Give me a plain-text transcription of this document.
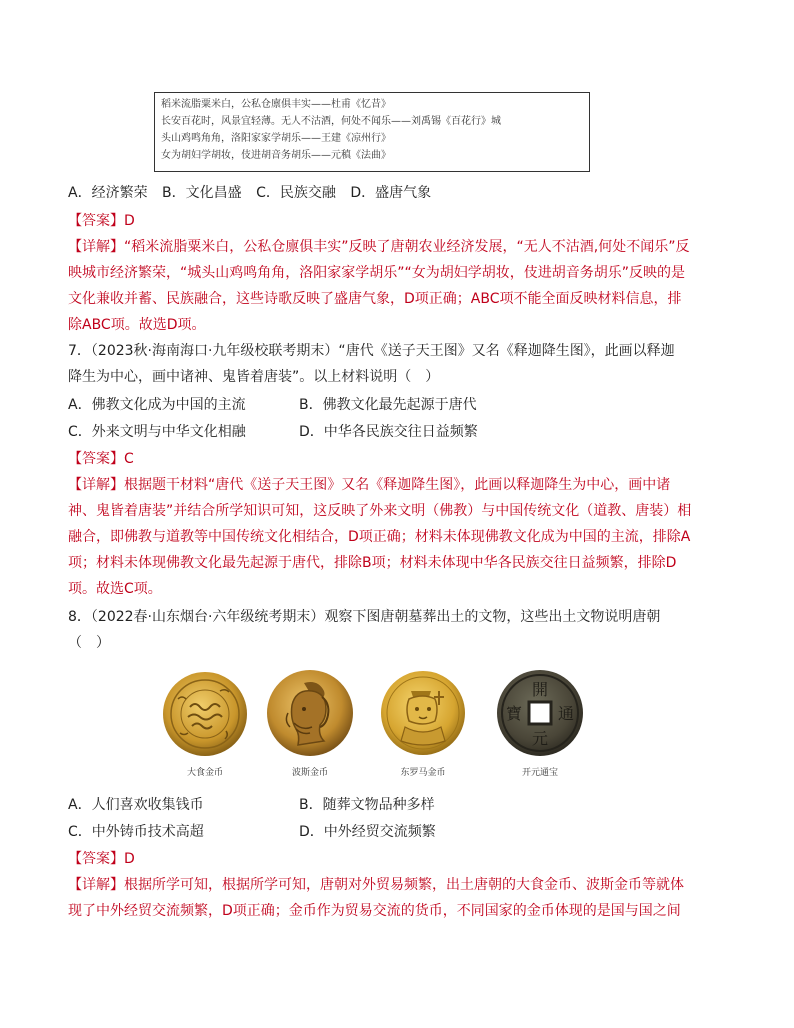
稻米流脂粟米白，公私仓廪俱丰实——杜甫《忆昔》
长安百花时，风景宜轻薄。无人不沽酒，何处不闻乐——刘禹锡《百花行》城
头山鸡鸣角角，洛阳家家学胡乐——王建《凉州行》
女为胡妇学胡妆，伎进胡音务胡乐——元稹《法曲》
A．经济繁荣 B．文化昌盛 C．民族交融 D．盛唐气象
【答案】D
【详解】“稻米流脂粟米白，公私仓廪俱丰实”反映了唐朝农业经济发展，“无人不沽酒,何处不闻乐”反
映城市经济繁荣，“城头山鸡鸣角角，洛阳家家学胡乐”“女为胡妇学胡妆，伎进胡音务胡乐”反映的是
文化兼收并蓄、民族融合，这些诗歌反映了盛唐气象，D项正确；ABC项不能全面反映材料信息，排
除ABC项。故选D项。
7．（2023秋·海南海口·九年级校联考期末）“唐代《送子天王图》又名《释迦降生图》，此画以释迦
降生为中心，画中诸神、鬼皆着唐装”。以上材料说明（　）
A．佛教文化成为中国的主流	B．佛教文化最先起源于唐代
C．外来文明与中华文化相融	D．中华各民族交往日益频繁
【答案】C
【详解】根据题干材料“唐代《送子天王图》又名《释迦降生图》，此画以释迦降生为中心，画中诸
神、鬼皆着唐装”并结合所学知识可知，这反映了外来文明（佛教）与中国传统文化（道教、唐装）相
融合，即佛教与道教等中国传统文化相结合，D项正确；材料未体现佛教文化成为中国的主流，排除A
项；材料未体现佛教文化最先起源于唐代，排除B项；材料未体现中华各民族交往日益频繁，排除D
项。故选C项。
8．（2022春·山东烟台·六年级统考期末）观察下图唐朝墓葬出土的文物，这些出土文物说明唐朝
（　）
大食金币	波斯金币	东罗马金币
開
元
通
寶
开元通宝
A．人们喜欢收集钱币	B．随葬文物品种多样
C．中外铸币技术高超	D．中外经贸交流频繁
【答案】D
【详解】根据所学可知，根据所学可知，唐朝对外贸易频繁，出土唐朝的大食金币、波斯金币等就体
现了中外经贸交流频繁，D项正确；金币作为贸易交流的货币，不同国家的金币体现的是国与国之间
